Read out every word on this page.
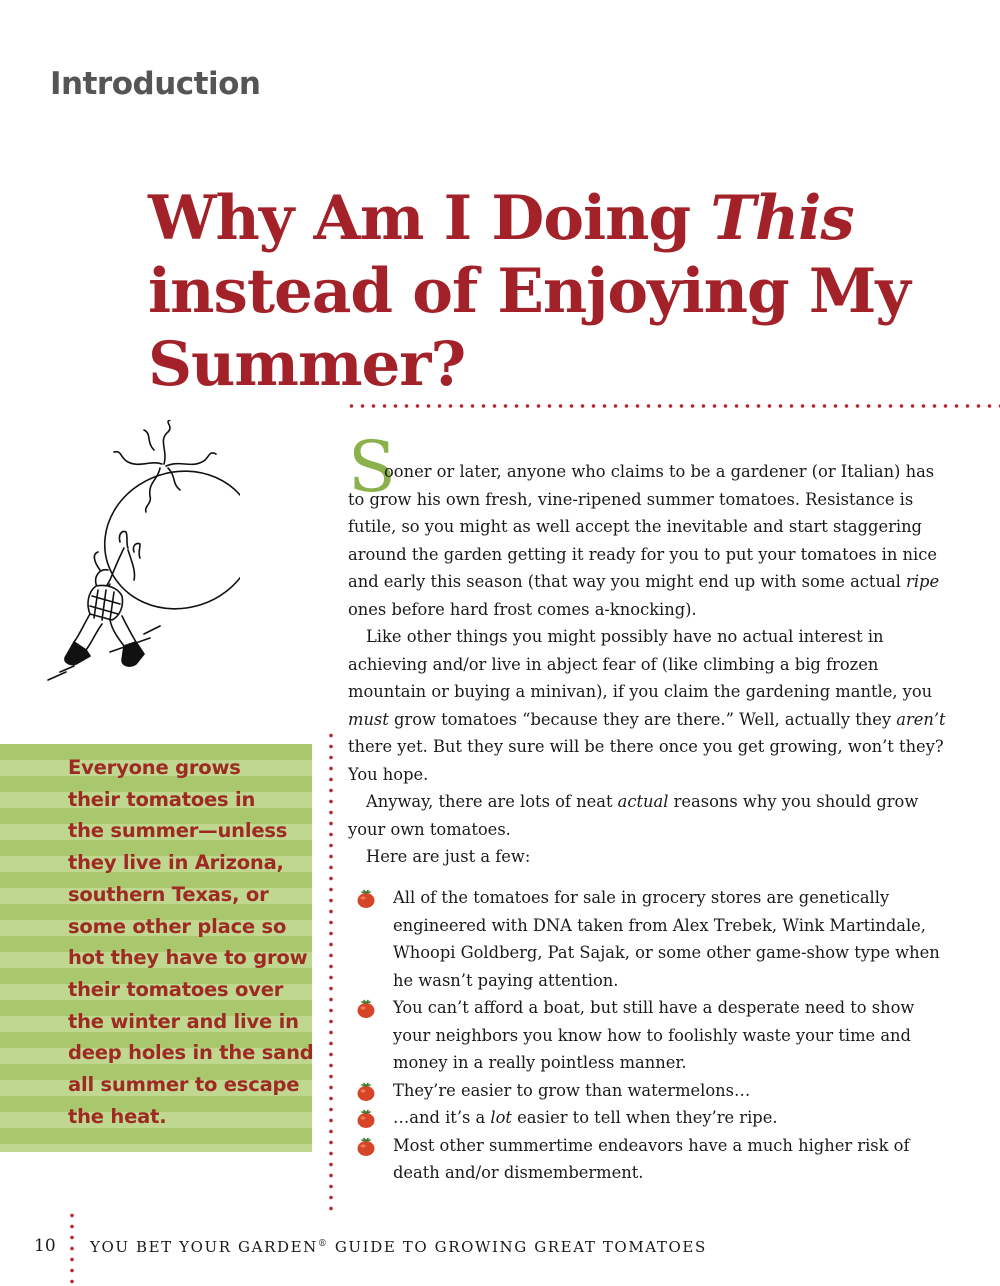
Introduction
Why Am I Doing This
instead of Enjoying My
Summer?
Everyone grows
their tomatoes in
the summer—unless
they live in Arizona,
southern Texas, or
some other place so
hot they have to grow
their tomatoes over
the winter and live in
deep holes in the sand
all summer to escape
the heat.
S
ooner or later, anyone who claims to be a gardener (or Italian) has
to grow his own fresh, vine-ripened summer tomatoes. Resistance is
futile, so you might as well accept the inevitable and start staggering
around the garden getting it ready for you to put your tomatoes in nice
and early this season (that way you might end up with some actual ripe
ones before hard frost comes a-knocking).
Like other things you might possibly have no actual interest in
achieving and/or live in abject fear of (like climbing a big frozen
mountain or buying a minivan), if you claim the gardening mantle, you
must grow tomatoes “because they are there.” Well, actually they aren’t
there yet. But they sure will be there once you get growing, won’t they?
You hope.
Anyway, there are lots of neat actual reasons why you should grow
your own tomatoes.
Here are just a few:
All of the tomatoes for sale in grocery stores are genetically
engineered with DNA taken from Alex Trebek, Wink Martindale,
Whoopi Goldberg, Pat Sajak, or some other game-show type when
he wasn’t paying attention.
You can’t afford a boat, but still have a desperate need to show
your neighbors you know how to foolishly waste your time and
money in a really pointless manner.
They’re easier to grow than watermelons…
…and it’s a lot easier to tell when they’re ripe.
Most other summertime endeavors have a much higher risk of
death and/or dismemberment.
10 YOU BET YOUR GARDEN® GUIDE TO GROWING GREAT TOMATOES
